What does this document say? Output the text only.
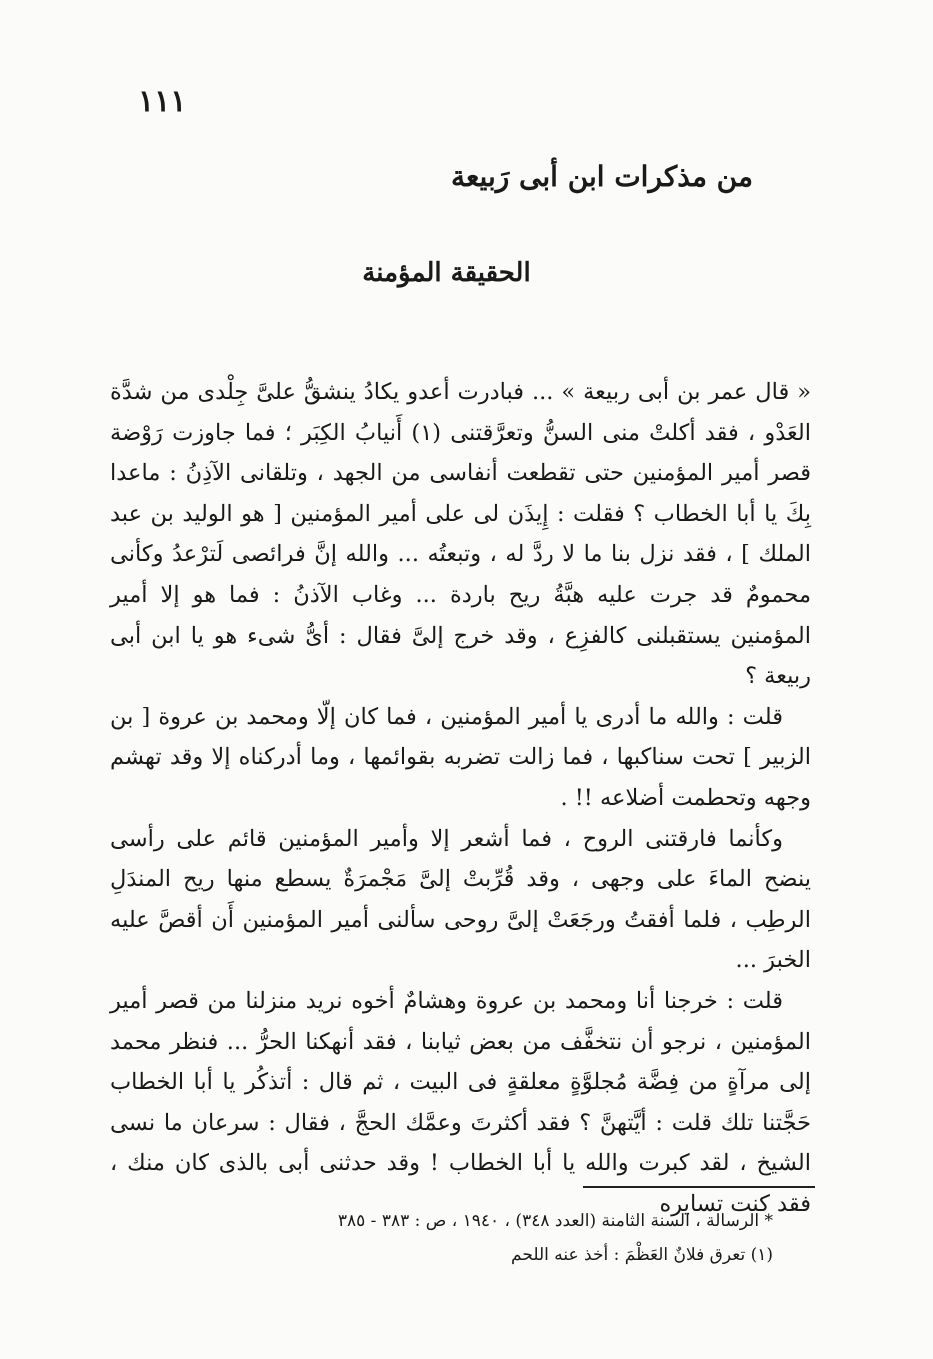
١١١
من مذكرات ابن أبى رَبيعة
الحقيقة المؤمنة

« قال عمر بن أبى ربيعة » ... فبادرت أعدو يكادُ ينشقُّ علىَّ جِلْدى من شدَّة العَدْو ، فقد أكلتْ منى السنُّ وتعرَّقتنى (١) أَنيابُ الكِبَر ؛ فما جاوزت رَوْضة قصر أمير المؤمنين حتى تقطعت أنفاسى من الجهد ، وتلقانى الآذِنُ : ماعدا بِكَ يا أبا الخطاب ؟ فقلت : إِيذَن لى على أمير المؤمنين [ هو الوليد بن عبد الملك ] ، فقد نزل بنا ما لا ردَّ له ، وتبعتُه ... والله إنَّ فرائصى لَترْعدُ وكأنى محمومٌ قد جرت عليه هبَّةُ ريح باردة ... وغاب الآذنُ : فما هو إلا أمير المؤمنين يستقبلنى كالفزِع ، وقد خرج إلىَّ فقال : أىُّ شىء هو يا ابن أبى ربيعة ؟

قلت : والله ما أدرى يا أمير المؤمنين ، فما كان إلّا ومحمد بن عروة [ بن الزبير ] تحت سناكبها ، فما زالت تضربه بقوائمها ، وما أدركناه إلا وقد تهشم وجهه وتحطمت أضلاعه !! .

وكأنما فارقتنى الروح ، فما أشعر إلا وأمير المؤمنين قائم على رأسى ينضح الماءَ على وجهى ، وقد قُرِّبتْ إلىَّ مَجْمرَةٌ يسطع منها ريح المندَلِ الرطِب ، فلما أفقتُ ورجَعَتْ إلىَّ روحى سألنى أمير المؤمنين أَن أقصَّ عليه الخبرَ ...

قلت : خرجنا أنا ومحمد بن عروة وهشامٌ أخوه نريد منزلنا من قصر أمير المؤمنين ، نرجو أن نتخفَّف من بعض ثيابنا ، فقد أنهكنا الحرُّ ... فنظر محمد إلى مرآةٍ من فِضَّة مُجلوَّةٍ معلقةٍ فى البيت ، ثم قال : أتذكُر يا أبا الخطاب حَجَّتنا تلك قلت : أيَّتهنَّ ؟ فقد أكثرتَ وعمَّك الحجَّ ، فقال : سرعان ما نسى الشيخ ، لقد كبرت والله يا أبا الخطاب ! وقد حدثنى أبى بالذى كان منك ، فقد كنت تسايره

* الرسالة ، السنة الثامنة (العدد ٣٤٨) ، ١٩٤٠ ، ص : ٣٨٣ - ٣٨٥
(١) تعرق فلانٌ العَظْمَ : أخذ عنه اللحم
